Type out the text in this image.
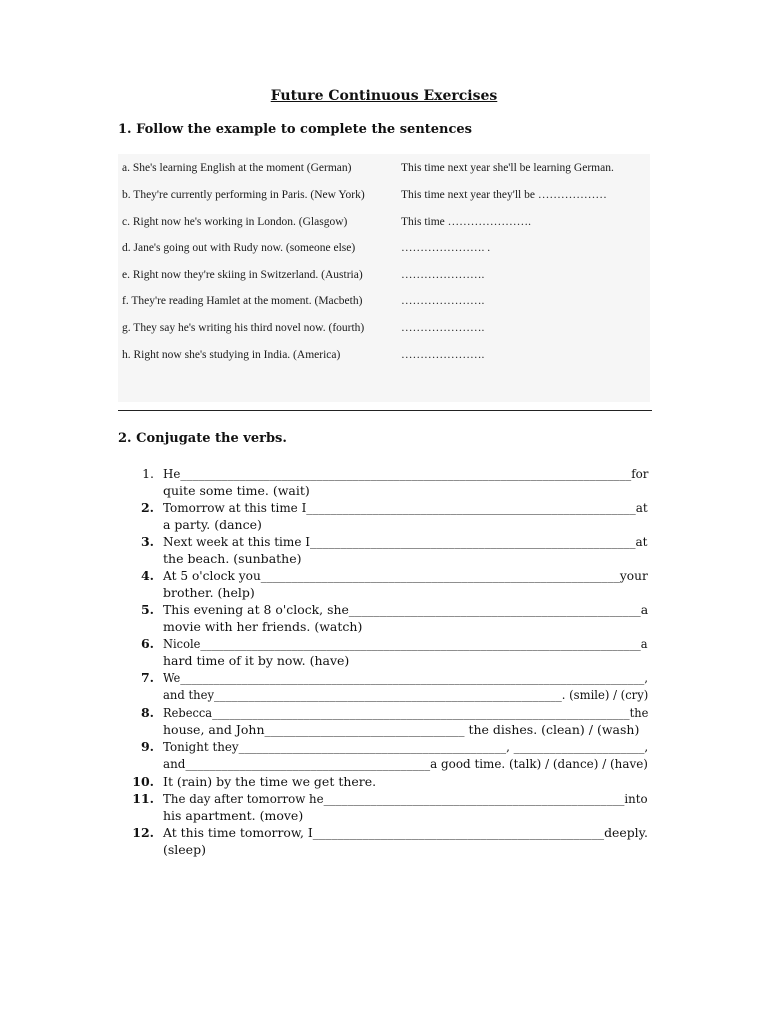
Future Continuous Exercises
1. Follow the example to complete the sentences
a. She's learning English at the moment (German)	This time next year she'll be learning German.
b. They're currently performing in Paris. (New York)	This time next year they'll be ………………
c. Right now he's working in London. (Glasgow)	This time ………………….
d. Jane's going out with Rudy now. (someone else)	…………………. .
e. Right now they're skiing in Switzerland. (Austria)	………………….
f. They're reading Hamlet at the moment. (Macbeth)	………………….
g. They say he's writing his third novel now. (fourth)	………………….
h. Right now she's studying in India. (America)	………………….
2. Conjugate the verbs.
1. He____________________________________________________________________________for
quite some time. (wait)
2. Tomorrow at this time I_______________________________________________________at
a party. (dance)
3. Next week at this time I______________________________________________________at
the beach. (sunbathe)
4. At 5 o'clock you___________________________________________________________your
brother. (help)
5. This evening at 8 o'clock, she_______________________________________________a
movie with her friends. (watch)
6. Nicole_____________________________________________________________________________a
hard time of it by now. (have)
7. We___________________________________________________________________________________,
and they____________________________________________________________. (smile) / (cry)
8. Rebecca_________________________________________________________________________the
house, and John________________________________ the dishes. (clean) / (wash)
9. Tonight they_____________________________________________, ______________________,
and_________________________________________a good time. (talk) / (dance) / (have)
10. It (rain) by the time we get there.
11. The day after tomorrow he___________________________________________________into
his apartment. (move)
12. At this time tomorrow, I_______________________________________________deeply.
(sleep)
